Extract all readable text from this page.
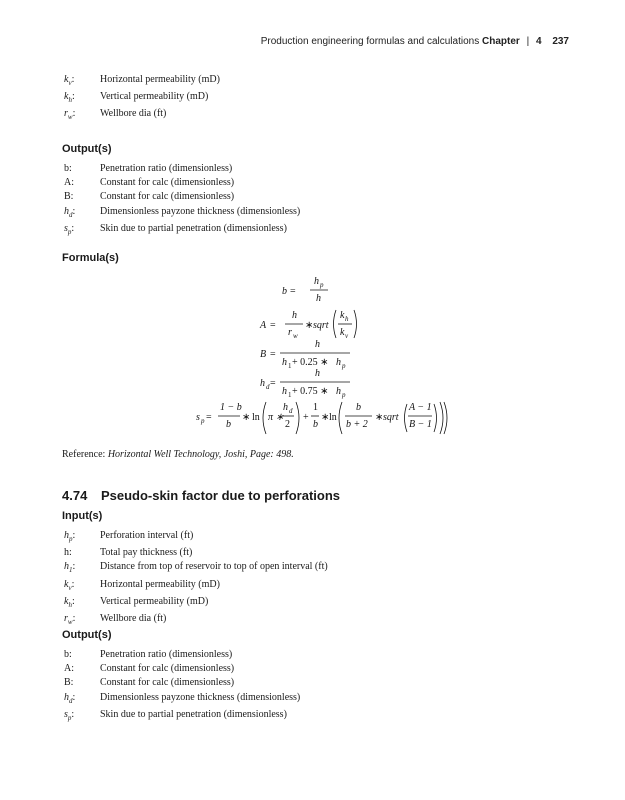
Production engineering formulas and calculations Chapter | 4 237
$k_v$:	Horizontal permeability (mD)
$k_h$:	Vertical permeability (mD)
$r_w$:	Wellbore dia (ft)
Output(s)
b:	Penetration ratio (dimensionless)
A:	Constant for calc (dimensionless)
B:	Constant for calc (dimensionless)
$h_d$:	Dimensionless payzone thickness (dimensionless)
$s_p$:	Skin due to partial penetration (dimensionless)
Formula(s)
b =
h p
h
A =
h
r w
∗ sqrt
k h
k v
B =
h
h 1 + 0.25 ∗ h p
h d =
h
h 1 + 0.75 ∗ h p
s p =
1 − b
b
∗ ln π ∗
h d
2
+
1
b
∗ ln
b
b + 2
∗ sqrt
A − 1
B − 1
Reference: Horizontal Well Technology, Joshi, Page: 498.
4.74 Pseudo-skin factor due to perforations
Input(s)
$h_p$:	Perforation interval (ft)
h:	Total pay thickness (ft)
$h_1$:	Distance from top of reservoir to top of open interval (ft)
$k_v$:	Horizontal permeability (mD)
$k_h$:	Vertical permeability (mD)
$r_w$:	Wellbore dia (ft)
Output(s)
b:	Penetration ratio (dimensionless)
A:	Constant for calc (dimensionless)
B:	Constant for calc (dimensionless)
$h_d$:	Dimensionless payzone thickness (dimensionless)
$s_p$:	Skin due to partial penetration (dimensionless)
